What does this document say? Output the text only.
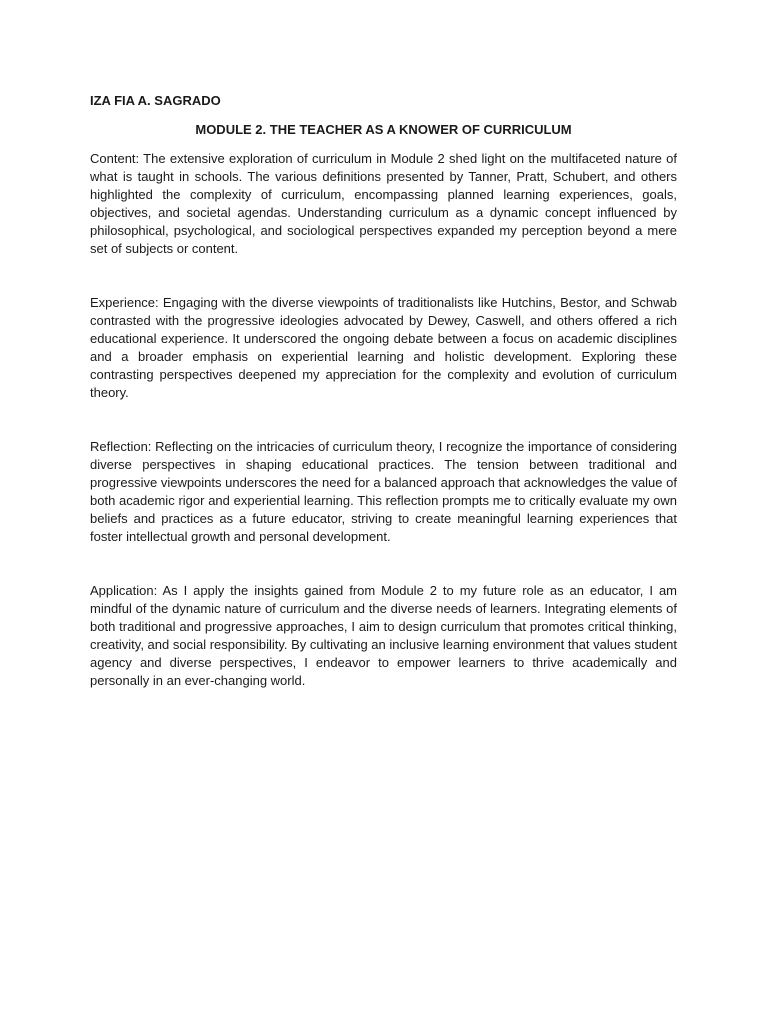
IZA FIA A. SAGRADO

MODULE 2. THE TEACHER AS A KNOWER OF CURRICULUM

Content: The extensive exploration of curriculum in Module 2 shed light on the multifaceted nature of what is taught in schools. The various definitions presented by Tanner, Pratt, Schubert, and others highlighted the complexity of curriculum, encompassing planned learning experiences, goals, objectives, and societal agendas. Understanding curriculum as a dynamic concept influenced by philosophical, psychological, and sociological perspectives expanded my perception beyond a mere set of subjects or content.

Experience: Engaging with the diverse viewpoints of traditionalists like Hutchins, Bestor, and Schwab contrasted with the progressive ideologies advocated by Dewey, Caswell, and others offered a rich educational experience. It underscored the ongoing debate between a focus on academic disciplines and a broader emphasis on experiential learning and holistic development. Exploring these contrasting perspectives deepened my appreciation for the complexity and evolution of curriculum theory.

Reflection: Reflecting on the intricacies of curriculum theory, I recognize the importance of considering diverse perspectives in shaping educational practices. The tension between traditional and progressive viewpoints underscores the need for a balanced approach that acknowledges the value of both academic rigor and experiential learning. This reflection prompts me to critically evaluate my own beliefs and practices as a future educator, striving to create meaningful learning experiences that foster intellectual growth and personal development.

Application: As I apply the insights gained from Module 2 to my future role as an educator, I am mindful of the dynamic nature of curriculum and the diverse needs of learners. Integrating elements of both traditional and progressive approaches, I aim to design curriculum that promotes critical thinking, creativity, and social responsibility. By cultivating an inclusive learning environment that values student agency and diverse perspectives, I endeavor to empower learners to thrive academically and personally in an ever-changing world.
